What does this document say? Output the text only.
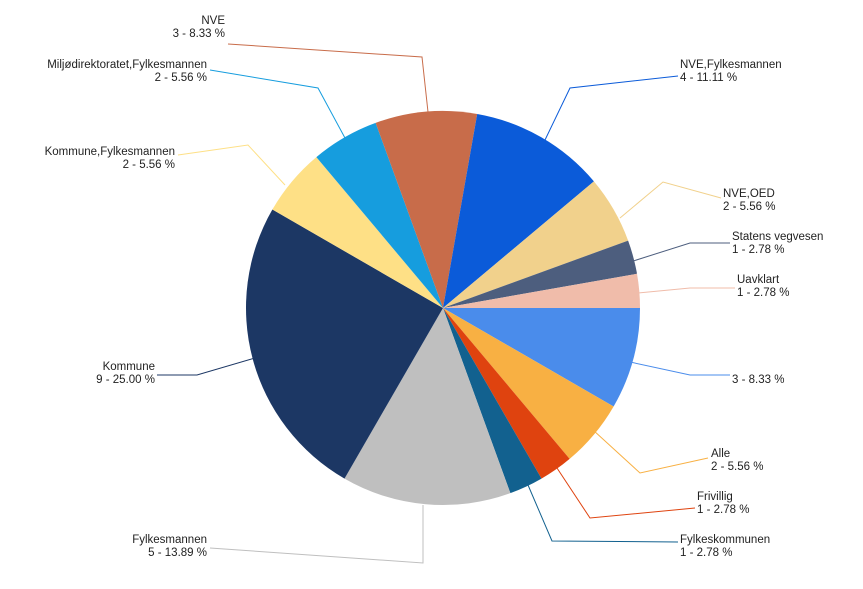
3 - 8.33 %
Alle 2 - 5.56 %
Frivillig 1 - 2.78 %
Fylkeskommunen 1 - 2.78 %
Fylkesmannen 5 - 13.89 %
Kommune 9 - 25.00 %
Kommune,Fylkesmannen 2 - 5.56 %
Miljødirektoratet,Fylkesmannen 2 - 5.56 %
NVE 3 - 8.33 %
NVE,Fylkesmannen 4 - 11.11 %
NVE,OED 2 - 5.56 %
Statens vegvesen 1 - 2.78 %
Uavklart 1 - 2.78 %
